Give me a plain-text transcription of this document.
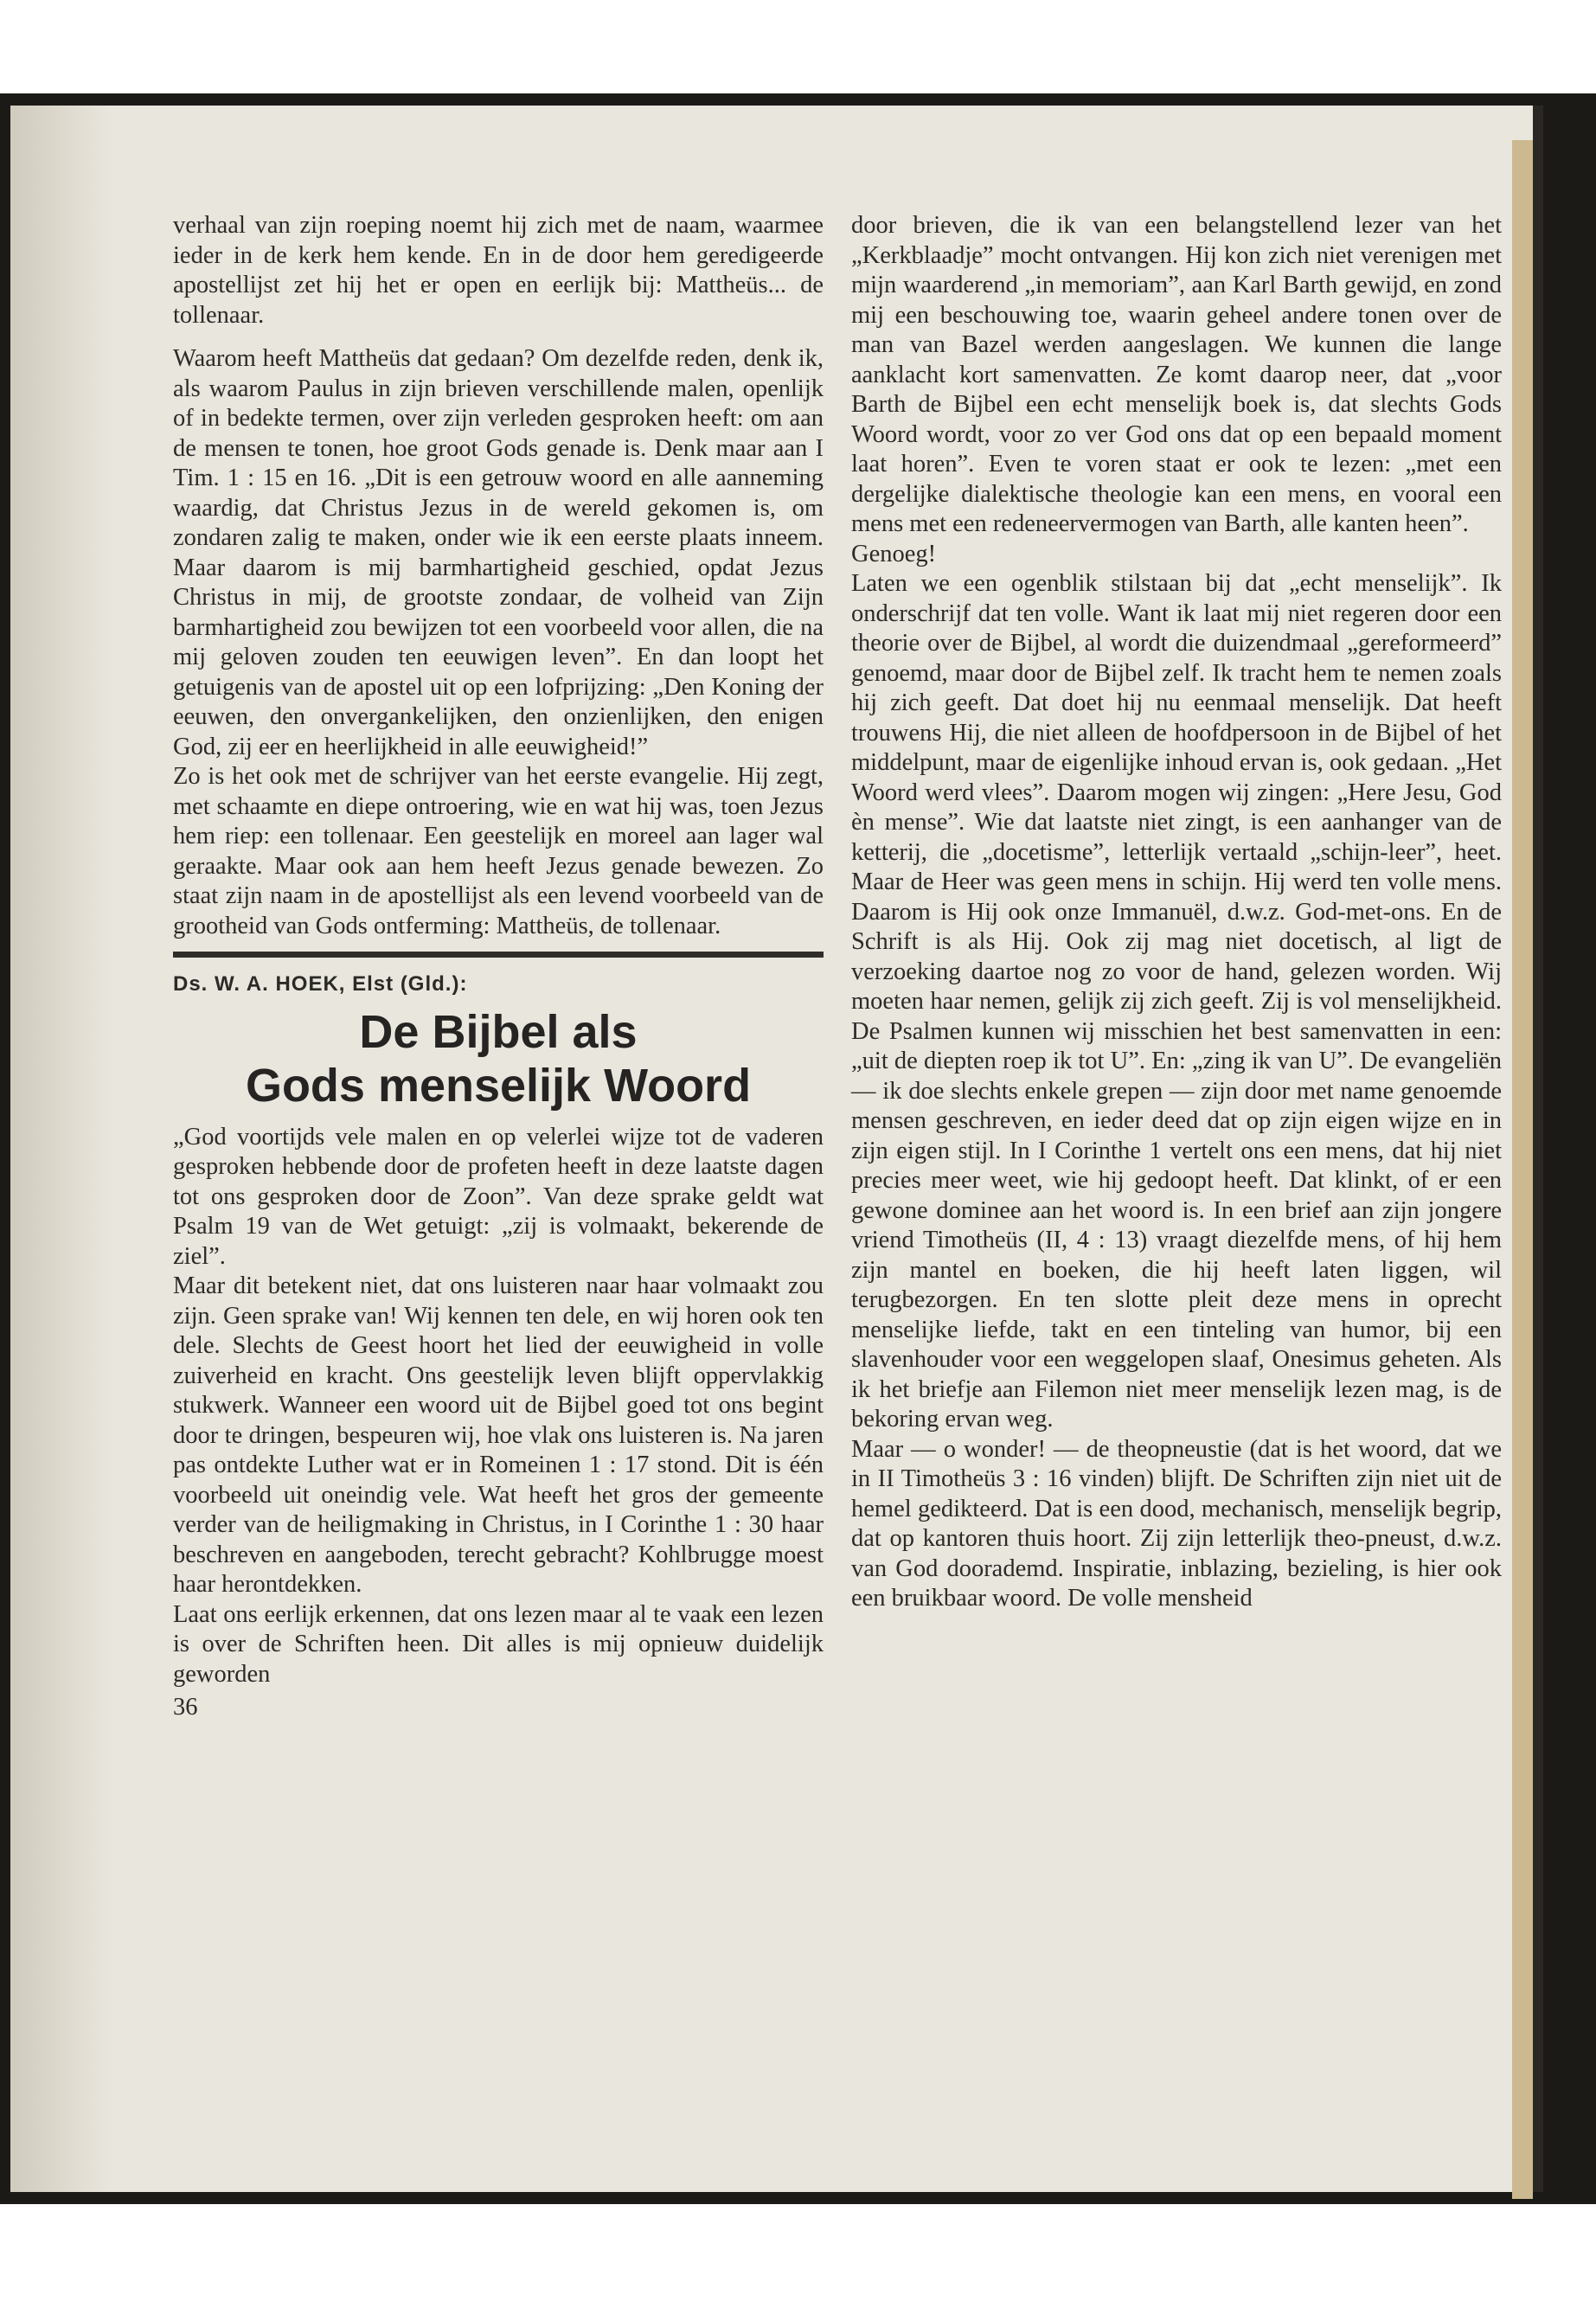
verhaal van zijn roeping noemt hij zich met de naam, waarmee ieder in de kerk hem kende. En in de door hem geredigeerde apostellijst zet hij het er open en eerlijk bij: Mattheüs... de tollenaar.

Waarom heeft Mattheüs dat gedaan? Om dezelfde reden, denk ik, als waarom Paulus in zijn brieven verschillende malen, openlijk of in bedekte termen, over zijn verleden gesproken heeft: om aan de mensen te tonen, hoe groot Gods genade is. Denk maar aan I Tim. 1 : 15 en 16. „Dit is een getrouw woord en alle aanneming waardig, dat Christus Jezus in de wereld gekomen is, om zondaren zalig te maken, onder wie ik een eerste plaats inneem. Maar daarom is mij barmhartigheid geschied, opdat Jezus Christus in mij, de grootste zondaar, de volheid van Zijn barmhartigheid zou bewijzen tot een voorbeeld voor allen, die na mij geloven zouden ten eeuwigen leven”. En dan loopt het getuigenis van de apostel uit op een lofprijzing: „Den Koning der eeuwen, den onvergankelijken, den onzienlijken, den enigen God, zij eer en heerlijkheid in alle eeuwigheid!”

Zo is het ook met de schrijver van het eerste evangelie. Hij zegt, met schaamte en diepe ontroering, wie en wat hij was, toen Jezus hem riep: een tollenaar. Een geestelijk en moreel aan lager wal geraakte. Maar ook aan hem heeft Jezus genade bewezen. Zo staat zijn naam in de apostellijst als een levend voorbeeld van de grootheid van Gods ontferming: Mattheüs, de tollenaar.

Ds. W. A. HOEK, Elst (Gld.):
De Bijbel als
Gods menselijk Woord

„God voortijds vele malen en op velerlei wijze tot de vaderen gesproken hebbende door de profeten heeft in deze laatste dagen tot ons gesproken door de Zoon”. Van deze sprake geldt wat Psalm 19 van de Wet getuigt: „zij is volmaakt, bekerende de ziel”.

Maar dit betekent niet, dat ons luisteren naar haar volmaakt zou zijn. Geen sprake van! Wij kennen ten dele, en wij horen ook ten dele. Slechts de Geest hoort het lied der eeuwigheid in volle zuiverheid en kracht. Ons geestelijk leven blijft oppervlakkig stukwerk. Wanneer een woord uit de Bijbel goed tot ons begint door te dringen, bespeuren wij, hoe vlak ons luisteren is. Na jaren pas ontdekte Luther wat er in Romeinen 1 : 17 stond. Dit is één voorbeeld uit oneindig vele. Wat heeft het gros der gemeente verder van de heiligmaking in Christus, in I Corinthe 1 : 30 haar beschreven en aangeboden, terecht gebracht? Kohlbrugge moest haar herontdekken.

Laat ons eerlijk erkennen, dat ons lezen maar al te vaak een lezen is over de Schriften heen. Dit alles is mij opnieuw duidelijk geworden

36

door brieven, die ik van een belangstellend lezer van het „Kerkblaadje” mocht ontvangen. Hij kon zich niet verenigen met mijn waarderend „in memoriam”, aan Karl Barth gewijd, en zond mij een beschouwing toe, waarin geheel andere tonen over de man van Bazel werden aangeslagen. We kunnen die lange aanklacht kort samenvatten. Ze komt daarop neer, dat „voor Barth de Bijbel een echt menselijk boek is, dat slechts Gods Woord wordt, voor zo ver God ons dat op een bepaald moment laat horen”. Even te voren staat er ook te lezen: „met een dergelijke dialektische theologie kan een mens, en vooral een mens met een redeneervermogen van Barth, alle kanten heen”.

Genoeg!

Laten we een ogenblik stilstaan bij dat „echt menselijk”. Ik onderschrijf dat ten volle. Want ik laat mij niet regeren door een theorie over de Bijbel, al wordt die duizendmaal „gereformeerd” genoemd, maar door de Bijbel zelf. Ik tracht hem te nemen zoals hij zich geeft. Dat doet hij nu eenmaal menselijk. Dat heeft trouwens Hij, die niet alleen de hoofdpersoon in de Bijbel of het middelpunt, maar de eigenlijke inhoud ervan is, ook gedaan. „Het Woord werd vlees”. Daarom mogen wij zingen: „Here Jesu, God èn mense”. Wie dat laatste niet zingt, is een aanhanger van de ketterij, die „docetisme”, letterlijk vertaald „schijn-leer”, heet. Maar de Heer was geen mens in schijn. Hij werd ten volle mens. Daarom is Hij ook onze Immanuël, d.w.z. God-met-ons. En de Schrift is als Hij. Ook zij mag niet docetisch, al ligt de verzoeking daartoe nog zo voor de hand, gelezen worden. Wij moeten haar nemen, gelijk zij zich geeft. Zij is vol menselijkheid. De Psalmen kunnen wij misschien het best samenvatten in een: „uit de diepten roep ik tot U”. En: „zing ik van U”. De evangeliën — ik doe slechts enkele grepen — zijn door met name genoemde mensen geschreven, en ieder deed dat op zijn eigen wijze en in zijn eigen stijl. In I Corinthe 1 vertelt ons een mens, dat hij niet precies meer weet, wie hij gedoopt heeft. Dat klinkt, of er een gewone dominee aan het woord is. In een brief aan zijn jongere vriend Timotheüs (II, 4 : 13) vraagt diezelfde mens, of hij hem zijn mantel en boeken, die hij heeft laten liggen, wil terugbezorgen. En ten slotte pleit deze mens in oprecht menselijke liefde, takt en een tinteling van humor, bij een slavenhouder voor een weggelopen slaaf, Onesimus geheten. Als ik het briefje aan Filemon niet meer menselijk lezen mag, is de bekoring ervan weg.

Maar — o wonder! — de theopneustie (dat is het woord, dat we in II Timotheüs 3 : 16 vinden) blijft. De Schriften zijn niet uit de hemel gedikteerd. Dat is een dood, mechanisch, menselijk begrip, dat op kantoren thuis hoort. Zij zijn letterlijk theo-pneust, d.w.z. van God doorademd. Inspiratie, inblazing, bezieling, is hier ook een bruikbaar woord. De volle mensheid
